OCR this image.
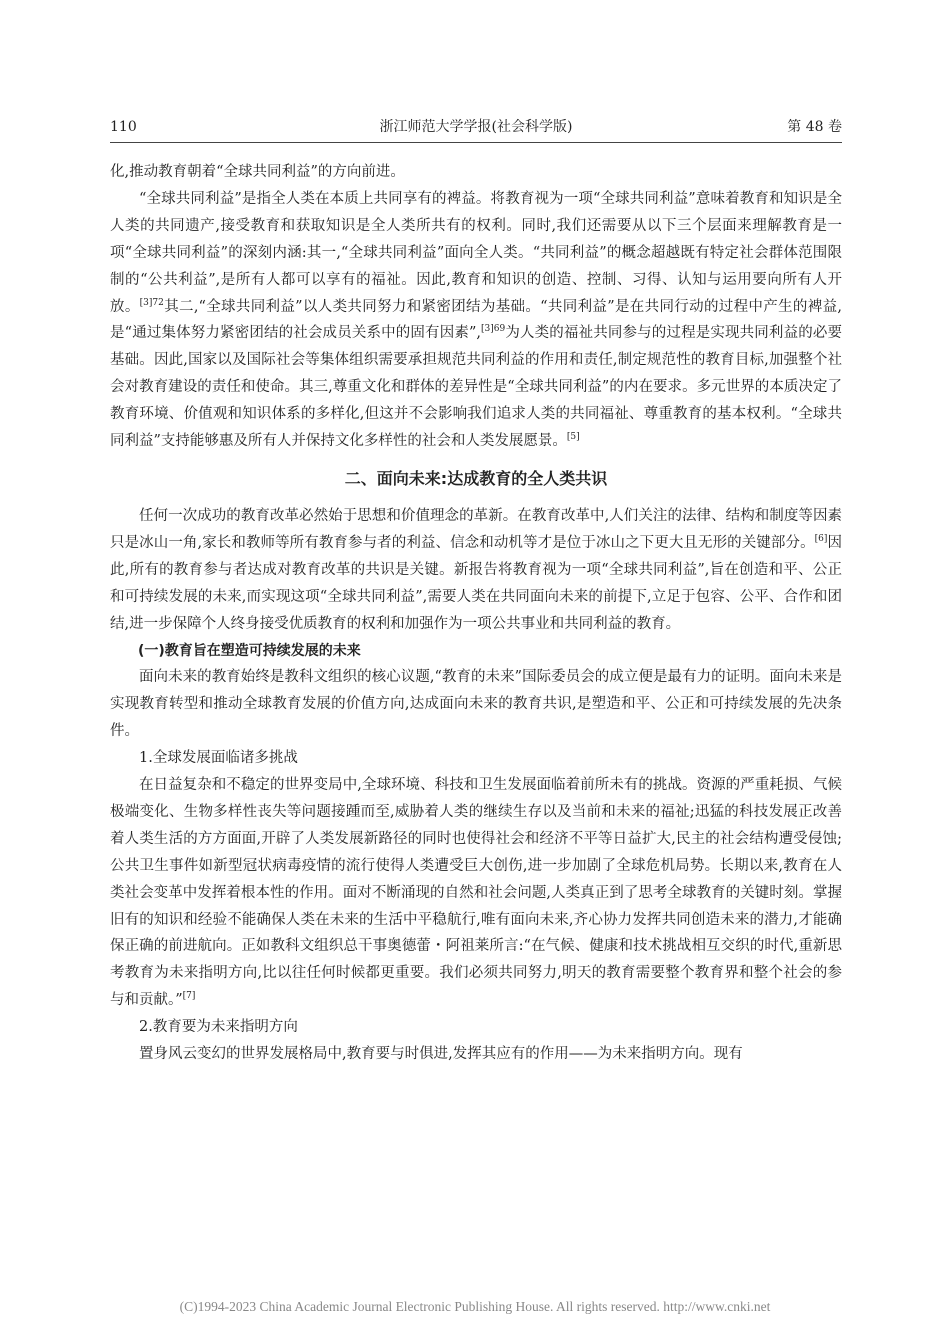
110	浙江师范大学学报(社会科学版)	第 48 卷

化,推动教育朝着“全球共同利益”的方向前进。

“全球共同利益”是指全人类在本质上共同享有的裨益。将教育视为一项“全球共同利益”意味着教育和知识是全人类的共同遗产,接受教育和获取知识是全人类所共有的权利。同时,我们还需要从以下三个层面来理解教育是一项“全球共同利益”的深刻内涵:其一,“全球共同利益”面向全人类。“共同利益”的概念超越既有特定社会群体范围限制的“公共利益”,是所有人都可以享有的福祉。因此,教育和知识的创造、控制、习得、认知与运用要向所有人开放。$^{[3]72}$其二,“全球共同利益”以人类共同努力和紧密团结为基础。“共同利益”是在共同行动的过程中产生的裨益,是“通过集体努力紧密团结的社会成员关系中的固有因素”,$^{[3]69}$为人类的福祉共同参与的过程是实现共同利益的必要基础。因此,国家以及国际社会等集体组织需要承担规范共同利益的作用和责任,制定规范性的教育目标,加强整个社会对教育建设的责任和使命。其三,尊重文化和群体的差异性是“全球共同利益”的内在要求。多元世界的本质决定了教育环境、价值观和知识体系的多样化,但这并不会影响我们追求人类的共同福祉、尊重教育的基本权利。“全球共同利益”支持能够惠及所有人并保持文化多样性的社会和人类发展愿景。[5]

二、面向未来:达成教育的全人类共识

任何一次成功的教育改革必然始于思想和价值理念的革新。在教育改革中,人们关注的法律、结构和制度等因素只是冰山一角,家长和教师等所有教育参与者的利益、信念和动机等才是位于冰山之下更大且无形的关键部分。[6]因此,所有的教育参与者达成对教育改革的共识是关键。新报告将教育视为一项“全球共同利益”,旨在创造和平、公正和可持续发展的未来,而实现这项“全球共同利益”,需要人类在共同面向未来的前提下,立足于包容、公平、合作和团结,进一步保障个人终身接受优质教育的权利和加强作为一项公共事业和共同利益的教育。

(一)教育旨在塑造可持续发展的未来

面向未来的教育始终是教科文组织的核心议题,“教育的未来”国际委员会的成立便是最有力的证明。面向未来是实现教育转型和推动全球教育发展的价值方向,达成面向未来的教育共识,是塑造和平、公正和可持续发展的先决条件。

1.全球发展面临诸多挑战

在日益复杂和不稳定的世界变局中,全球环境、科技和卫生发展面临着前所未有的挑战。资源的严重耗损、气候极端变化、生物多样性丧失等问题接踵而至,威胁着人类的继续生存以及当前和未来的福祉;迅猛的科技发展正改善着人类生活的方方面面,开辟了人类发展新路径的同时也使得社会和经济不平等日益扩大,民主的社会结构遭受侵蚀;公共卫生事件如新型冠状病毒疫情的流行使得人类遭受巨大创伤,进一步加剧了全球危机局势。长期以来,教育在人类社会变革中发挥着根本性的作用。面对不断涌现的自然和社会问题,人类真正到了思考全球教育的关键时刻。掌握旧有的知识和经验不能确保人类在未来的生活中平稳航行,唯有面向未来,齐心协力发挥共同创造未来的潜力,才能确保正确的前进航向。正如教科文组织总干事奥德蕾・阿祖莱所言:“在气候、健康和技术挑战相互交织的时代,重新思考教育为未来指明方向,比以往任何时候都更重要。我们必须共同努力,明天的教育需要整个教育界和整个社会的参与和贡献。”[7]

2.教育要为未来指明方向

置身风云变幻的世界发展格局中,教育要与时俱进,发挥其应有的作用——为未来指明方向。现有

(C)1994-2023 China Academic Journal Electronic Publishing House. All rights reserved. http://www.cnki.net
